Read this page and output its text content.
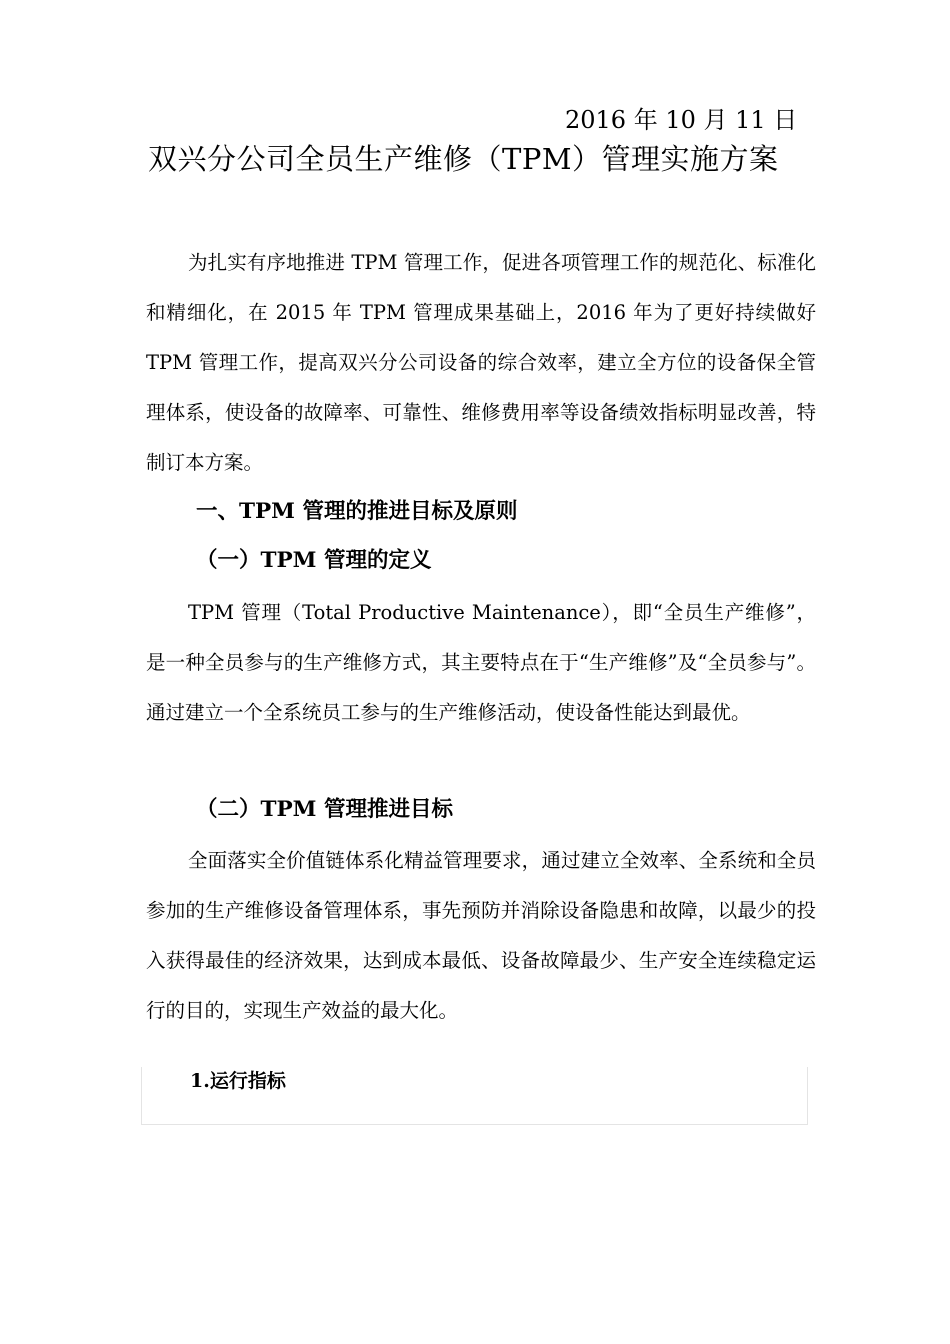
2016 年 10 月 11 日
双兴分公司全员生产维修（TPM）管理实施方案

为扎实有序地推进 TPM 管理工作，促进各项管理工作的规范化、标准化和精细化，在 2015 年 TPM 管理成果基础上，2016 年为了更好持续做好 TPM 管理工作，提高双兴分公司设备的综合效率，建立全方位的设备保全管理体系，使设备的故障率、可靠性、维修费用率等设备绩效指标明显改善，特制订本方案。

一、TPM 管理的推进目标及原则
（一）TPM 管理的定义

TPM 管理（Total Productive Maintenance），即“全员生产维修”，是一种全员参与的生产维修方式，其主要特点在于“生产维修”及“全员参与”。通过建立一个全系统员工参与的生产维修活动，使设备性能达到最优。

（二）TPM 管理推进目标

全面落实全价值链体系化精益管理要求，通过建立全效率、全系统和全员参加的生产维修设备管理体系，事先预防并消除设备隐患和故障，以最少的投入获得最佳的经济效果，达到成本最低、设备故障最少、生产安全连续稳定运行的目的，实现生产效益的最大化。

1.运行指标
